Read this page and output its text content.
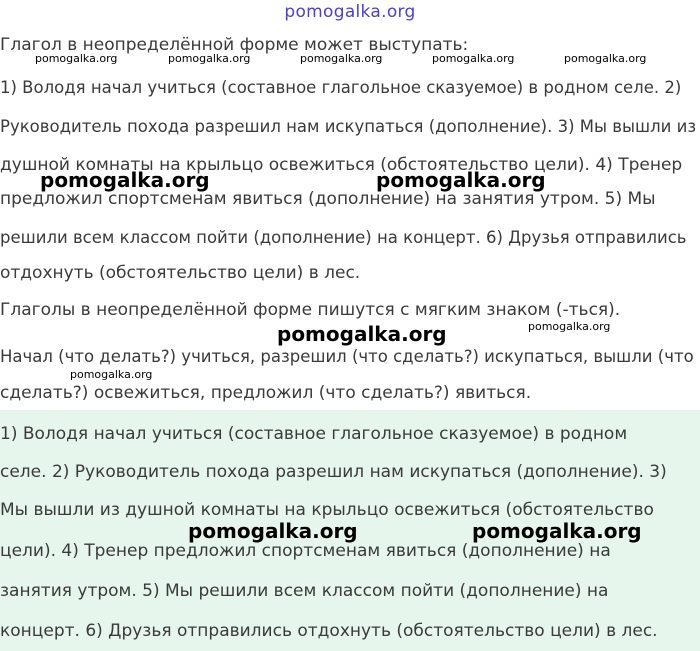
pomogalka.org
Глагол в неопределённой форме может выступать:
1) Володя начал учиться (составное глагольное сказуемое) в родном селе. 2)
Руководитель похода разрешил нам искупаться (дополнение). 3) Мы вышли из
душной комнаты на крыльцо освежиться (обстоятельство цели). 4) Тренер
предложил спортсменам явиться (дополнение) на занятия утром. 5) Мы
решили всем классом пойти (дополнение) на концерт. 6) Друзья отправились
отдохнуть (обстоятельство цели) в лес.
Глаголы в неопределённой форме пишутся с мягким знаком (-ться).
Начал (что делать?) учиться, разрешил (что сделать?) искупаться, вышли (что
сделать?) освежиться, предложил (что сделать?) явиться.
1) Володя начал учиться (составное глагольное сказуемое) в родном
селе. 2) Руководитель похода разрешил нам искупаться (дополнение). 3)
Мы вышли из душной комнаты на крыльцо освежиться (обстоятельство
цели). 4) Тренер предложил спортсменам явиться (дополнение) на
занятия утром. 5) Мы решили всем классом пойти (дополнение) на
концерт. 6) Друзья отправились отдохнуть (обстоятельство цели) в лес.
pomogalka.org	pomogalka.org	pomogalka.org	pomogalka.org	pomogalka.org
pomogalka.org
pomogalka.org
pomogalka.org	pomogalka.org
pomogalka.org
pomogalka.org	pomogalka.org
